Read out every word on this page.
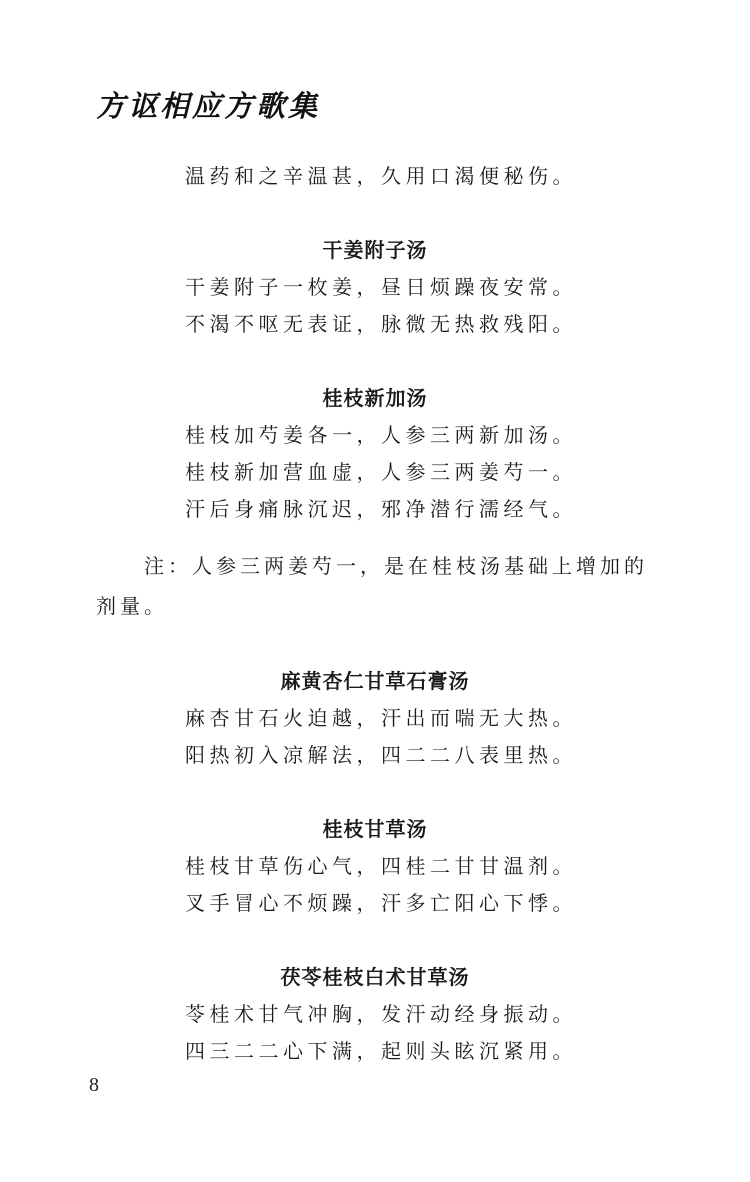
方讴相应方歌集
温药和之辛温甚，久用口渴便秘伤。
干姜附子汤
干姜附子一枚姜，昼日烦躁夜安常。
不渴不呕无表证，脉微无热救残阳。
桂枝新加汤
桂枝加芍姜各一，人参三两新加汤。
桂枝新加营血虚，人参三两姜芍一。
汗后身痛脉沉迟，邪净潜行濡经气。
注：人参三两姜芍一，是在桂枝汤基础上增加的剂量。
麻黄杏仁甘草石膏汤
麻杏甘石火迫越，汗出而喘无大热。
阳热初入凉解法，四二二八表里热。
桂枝甘草汤
桂枝甘草伤心气，四桂二甘甘温剂。
叉手冒心不烦躁，汗多亡阳心下悸。
茯苓桂枝白术甘草汤
苓桂术甘气冲胸，发汗动经身振动。
四三二二心下满，起则头眩沉紧用。
8
